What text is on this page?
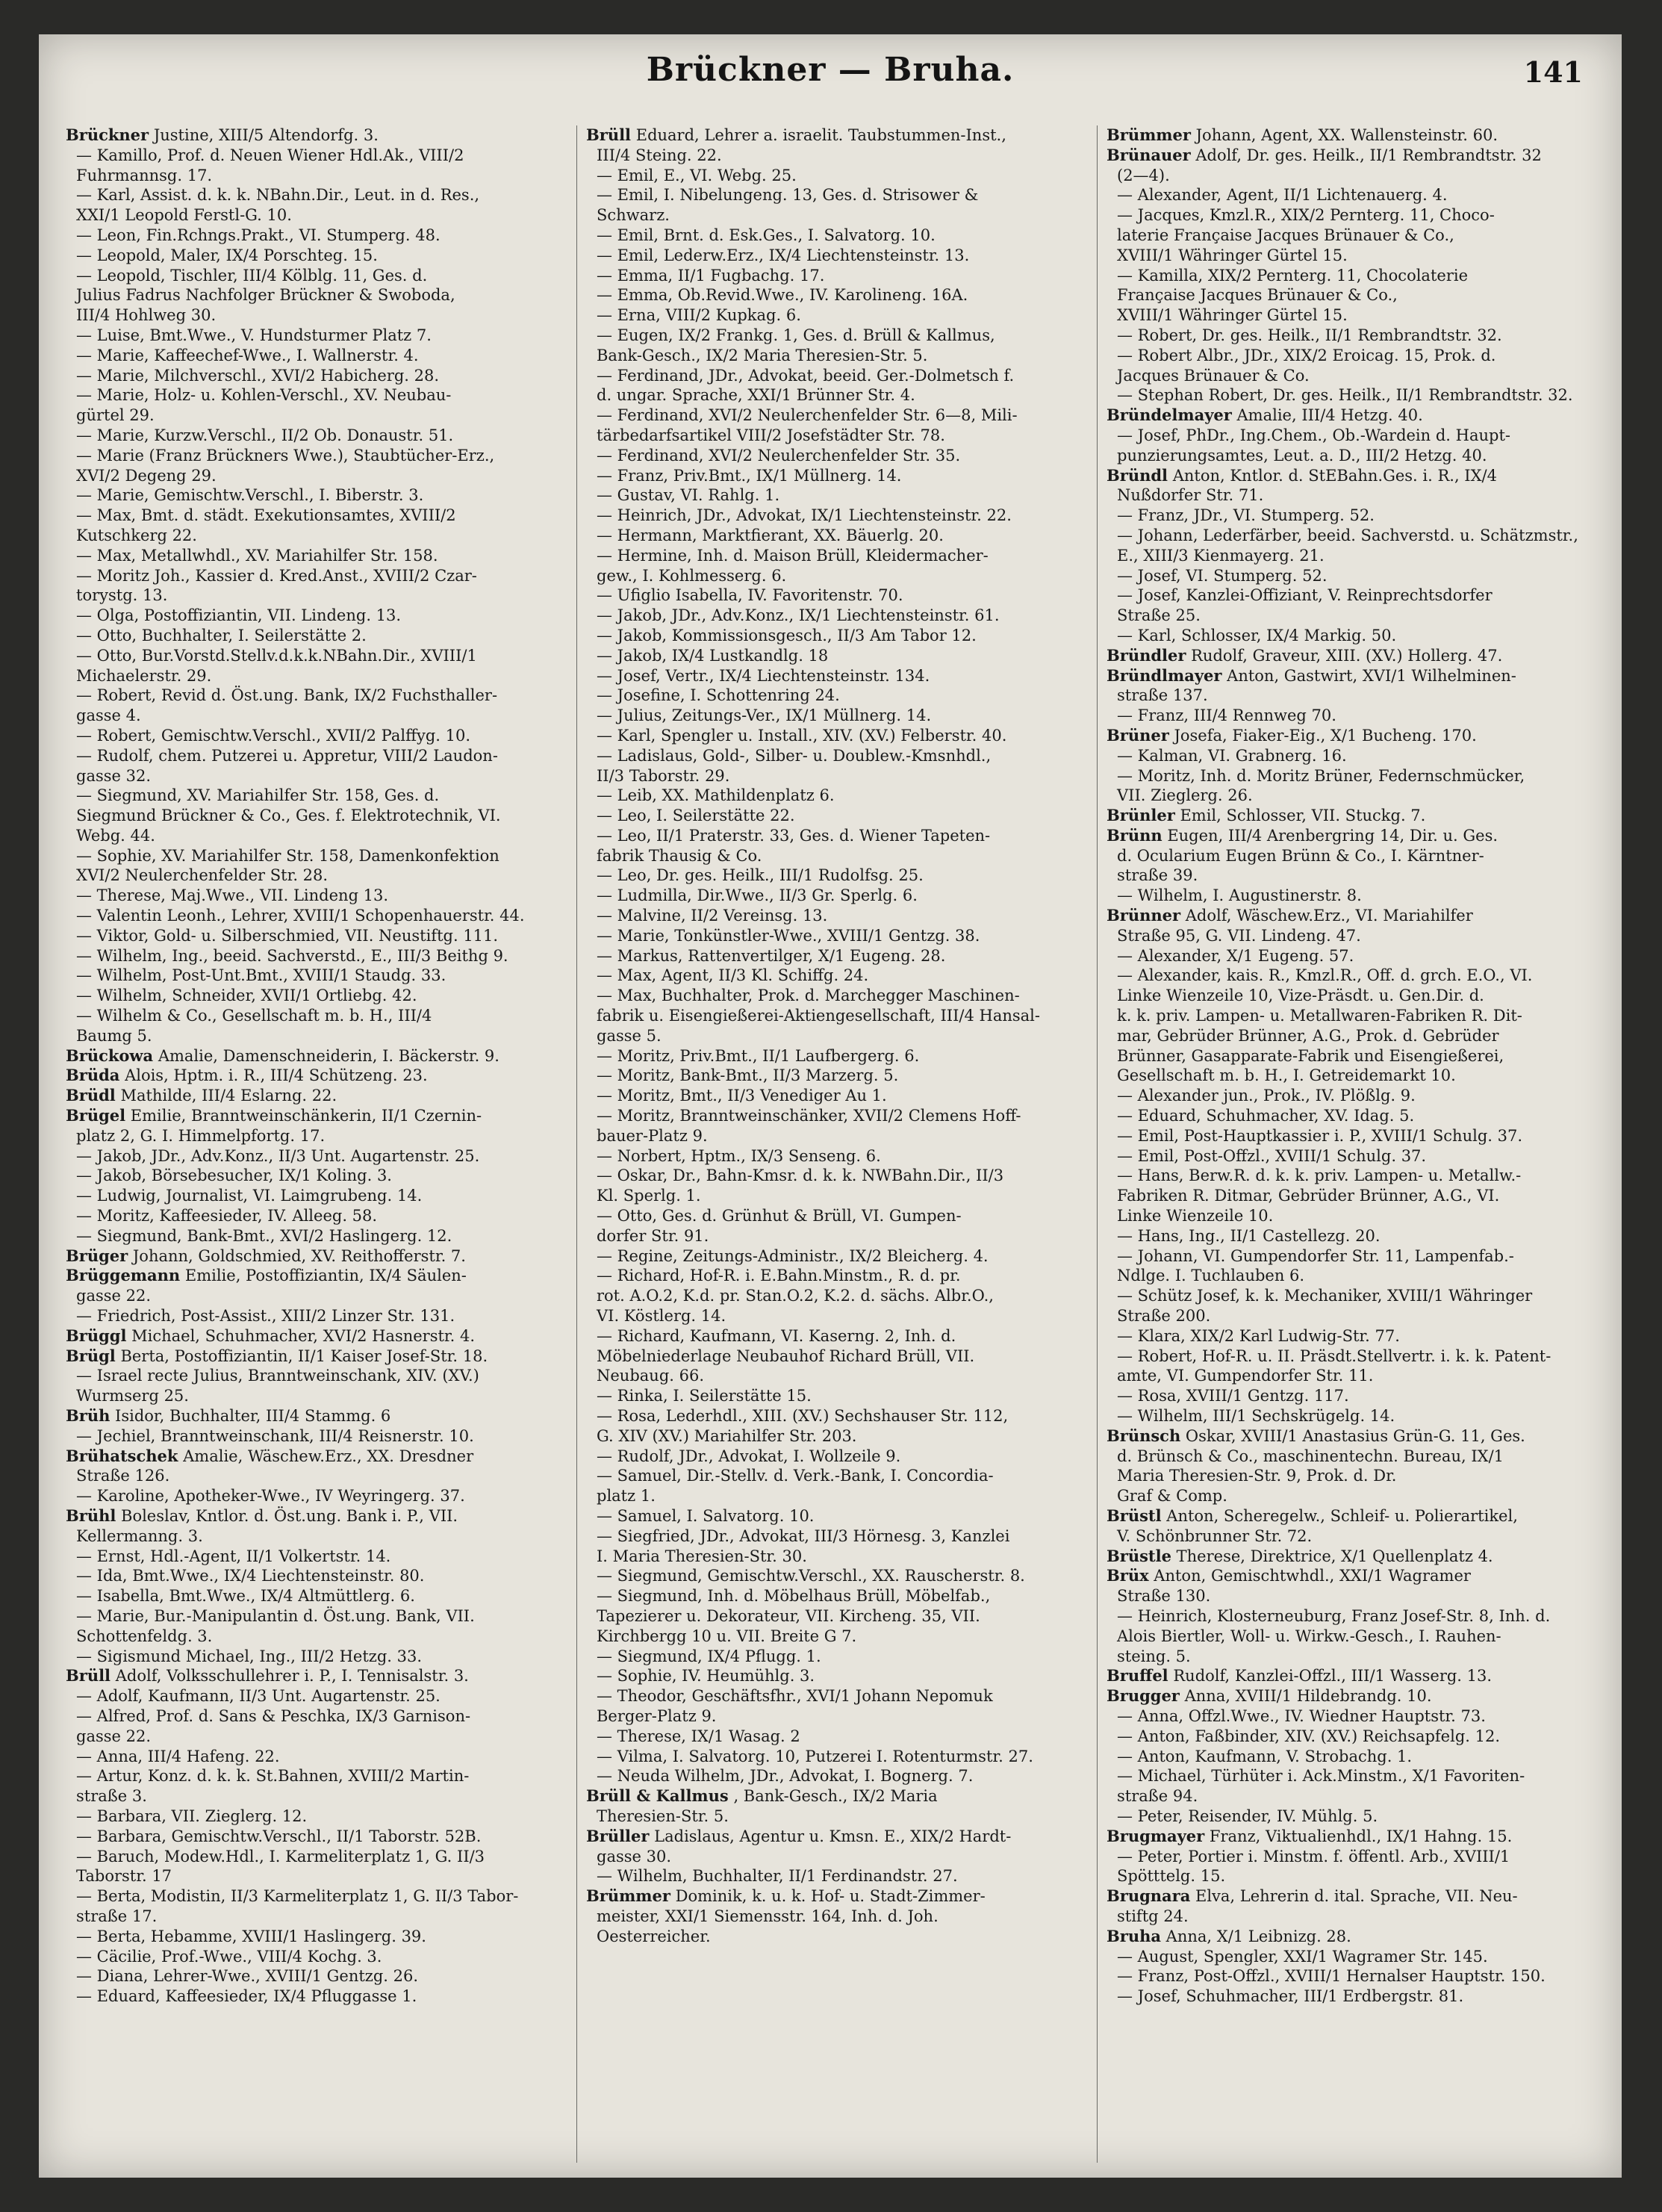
Brückner — Bruha.	141

Brückner Justine, XIII/5 Altendorfg. 3.

— Kamillo, Prof. d. Neuen Wiener Hdl.Ak., VIII/2

Fuhrmannsg. 17.

— Karl, Assist. d. k. k. NBahn.Dir., Leut. in d. Res.,

XXI/1 Leopold Ferstl-G. 10.

— Leon, Fin.Rchngs.Prakt., VI. Stumperg. 48.

— Leopold, Maler, IX/4 Porschteg. 15.

— Leopold, Tischler, III/4 Kölblg. 11, Ges. d.

Julius Fadrus Nachfolger Brückner & Swoboda,

III/4 Hohlweg 30.

— Luise, Bmt.Wwe., V. Hundsturmer Platz 7.

— Marie, Kaffeechef-Wwe., I. Wallnerstr. 4.

— Marie, Milchverschl., XVI/2 Habicherg. 28.

— Marie, Holz- u. Kohlen-Verschl., XV. Neubau-

gürtel 29.

— Marie, Kurzw.Verschl., II/2 Ob. Donaustr. 51.

— Marie (Franz Brückners Wwe.), Staubtücher-Erz.,

XVI/2 Degeng 29.

— Marie, Gemischtw.Verschl., I. Biberstr. 3.

— Max, Bmt. d. städt. Exekutionsamtes, XVIII/2

Kutschkerg 22.

— Max, Metallwhdl., XV. Mariahilfer Str. 158.

— Moritz Joh., Kassier d. Kred.Anst., XVIII/2 Czar-

torystg. 13.

— Olga, Postoffiziantin, VII. Lindeng. 13.

— Otto, Buchhalter, I. Seilerstätte 2.

— Otto, Bur.Vorstd.Stellv.d.k.k.NBahn.Dir., XVIII/1

Michaelerstr. 29.

— Robert, Revid d. Öst.ung. Bank, IX/2 Fuchsthaller-

gasse 4.

— Robert, Gemischtw.Verschl., XVII/2 Palffyg. 10.

— Rudolf, chem. Putzerei u. Appretur, VIII/2 Laudon-

gasse 32.

— Siegmund, XV. Mariahilfer Str. 158, Ges. d.

Siegmund Brückner & Co., Ges. f. Elektrotechnik, VI.

Webg. 44.

— Sophie, XV. Mariahilfer Str. 158, Damenkonfektion

XVI/2 Neulerchenfelder Str. 28.

— Therese, Maj.Wwe., VII. Lindeng 13.

— Valentin Leonh., Lehrer, XVIII/1 Schopenhauerstr. 44.

— Viktor, Gold- u. Silberschmied, VII. Neustiftg. 111.

— Wilhelm, Ing., beeid. Sachverstd., E., III/3 Beithg 9.

— Wilhelm, Post-Unt.Bmt., XVIII/1 Staudg. 33.

— Wilhelm, Schneider, XVII/1 Ortliebg. 42.

— Wilhelm & Co., Gesellschaft m. b. H., III/4

Baumg 5.

Brückowa Amalie, Damenschneiderin, I. Bäckerstr. 9.

Brüda Alois, Hptm. i. R., III/4 Schützeng. 23.

Brüdl Mathilde, III/4 Eslarng. 22.

Brügel Emilie, Branntweinschänkerin, II/1 Czernin-

platz 2, G. I. Himmelpfortg. 17.

— Jakob, JDr., Adv.Konz., II/3 Unt. Augartenstr. 25.

— Jakob, Börsebesucher, IX/1 Koling. 3.

— Ludwig, Journalist, VI. Laimgrubeng. 14.

— Moritz, Kaffeesieder, IV. Alleeg. 58.

— Siegmund, Bank-Bmt., XVI/2 Haslingerg. 12.

Brüger Johann, Goldschmied, XV. Reithofferstr. 7.

Brüggemann Emilie, Postoffiziantin, IX/4 Säulen-

gasse 22.

— Friedrich, Post-Assist., XIII/2 Linzer Str. 131.

Brüggl Michael, Schuhmacher, XVI/2 Hasnerstr. 4.

Brügl Berta, Postoffiziantin, II/1 Kaiser Josef-Str. 18.

— Israel recte Julius, Branntweinschank, XIV. (XV.)

Wurmserg 25.

Brüh Isidor, Buchhalter, III/4 Stammg. 6

— Jechiel, Branntweinschank, III/4 Reisnerstr. 10.

Brühatschek Amalie, Wäschew.Erz., XX. Dresdner

Straße 126.

— Karoline, Apotheker-Wwe., IV Weyringerg. 37.

Brühl Boleslav, Kntlor. d. Öst.ung. Bank i. P., VII.

Kellermanng. 3.

— Ernst, Hdl.-Agent, II/1 Volkertstr. 14.

— Ida, Bmt.Wwe., IX/4 Liechtensteinstr. 80.

— Isabella, Bmt.Wwe., IX/4 Altmüttlerg. 6.

— Marie, Bur.-Manipulantin d. Öst.ung. Bank, VII.

Schottenfeldg. 3.

— Sigismund Michael, Ing., III/2 Hetzg. 33.

Brüll Adolf, Volksschullehrer i. P., I. Tennisalstr. 3.

— Adolf, Kaufmann, II/3 Unt. Augartenstr. 25.

— Alfred, Prof. d. Sans & Peschka, IX/3 Garnison-

gasse 22.

— Anna, III/4 Hafeng. 22.

— Artur, Konz. d. k. k. St.Bahnen, XVIII/2 Martin-

straße 3.

— Barbara, VII. Zieglerg. 12.

— Barbara, Gemischtw.Verschl., II/1 Taborstr. 52B.

— Baruch, Modew.Hdl., I. Karmeliterplatz 1, G. II/3

Taborstr. 17

— Berta, Modistin, II/3 Karmeliterplatz 1, G. II/3 Tabor-

straße 17.

— Berta, Hebamme, XVIII/1 Haslingerg. 39.

— Cäcilie, Prof.-Wwe., VIII/4 Kochg. 3.

— Diana, Lehrer-Wwe., XVIII/1 Gentzg. 26.

— Eduard, Kaffeesieder, IX/4 Pfluggasse 1.

Brüll Eduard, Lehrer a. israelit. Taubstummen-Inst.,

III/4 Steing. 22.

— Emil, E., VI. Webg. 25.

— Emil, I. Nibelungeng. 13, Ges. d. Strisower &

Schwarz.

— Emil, Brnt. d. Esk.Ges., I. Salvatorg. 10.

— Emil, Lederw.Erz., IX/4 Liechtensteinstr. 13.

— Emma, II/1 Fugbachg. 17.

— Emma, Ob.Revid.Wwe., IV. Karolineng. 16A.

— Erna, VIII/2 Kupkag. 6.

— Eugen, IX/2 Frankg. 1, Ges. d. Brüll & Kallmus,

Bank-Gesch., IX/2 Maria Theresien-Str. 5.

— Ferdinand, JDr., Advokat, beeid. Ger.-Dolmetsch f.

d. ungar. Sprache, XXI/1 Brünner Str. 4.

— Ferdinand, XVI/2 Neulerchenfelder Str. 6—8, Mili-

tärbedarfsartikel VIII/2 Josefstädter Str. 78.

— Ferdinand, XVI/2 Neulerchenfelder Str. 35.

— Franz, Priv.Bmt., IX/1 Müllnerg. 14.

— Gustav, VI. Rahlg. 1.

— Heinrich, JDr., Advokat, IX/1 Liechtensteinstr. 22.

— Hermann, Marktfierant, XX. Bäuerlg. 20.

— Hermine, Inh. d. Maison Brüll, Kleidermacher-

gew., I. Kohlmesserg. 6.

— Ufiglio Isabella, IV. Favoritenstr. 70.

— Jakob, JDr., Adv.Konz., IX/1 Liechtensteinstr. 61.

— Jakob, Kommissionsgesch., II/3 Am Tabor 12.

— Jakob, IX/4 Lustkandlg. 18

— Josef, Vertr., IX/4 Liechtensteinstr. 134.

— Josefine, I. Schottenring 24.

— Julius, Zeitungs-Ver., IX/1 Müllnerg. 14.

— Karl, Spengler u. Install., XIV. (XV.) Felberstr. 40.

— Ladislaus, Gold-, Silber- u. Doublew.-Kmsnhdl.,

II/3 Taborstr. 29.

— Leib, XX. Mathildenplatz 6.

— Leo, I. Seilerstätte 22.

— Leo, II/1 Praterstr. 33, Ges. d. Wiener Tapeten-

fabrik Thausig & Co.

— Leo, Dr. ges. Heilk., III/1 Rudolfsg. 25.

— Ludmilla, Dir.Wwe., II/3 Gr. Sperlg. 6.

— Malvine, II/2 Vereinsg. 13.

— Marie, Tonkünstler-Wwe., XVIII/1 Gentzg. 38.

— Markus, Rattenvertilger, X/1 Eugeng. 28.

— Max, Agent, II/3 Kl. Schiffg. 24.

— Max, Buchhalter, Prok. d. Marchegger Maschinen-

fabrik u. Eisengießerei-Aktiengesellschaft, III/4 Hansal-

gasse 5.

— Moritz, Priv.Bmt., II/1 Laufbergerg. 6.

— Moritz, Bank-Bmt., II/3 Marzerg. 5.

— Moritz, Bmt., II/3 Venediger Au 1.

— Moritz, Branntweinschänker, XVII/2 Clemens Hoff-

bauer-Platz 9.

— Norbert, Hptm., IX/3 Senseng. 6.

— Oskar, Dr., Bahn-Kmsr. d. k. k. NWBahn.Dir., II/3

Kl. Sperlg. 1.

— Otto, Ges. d. Grünhut & Brüll, VI. Gumpen-

dorfer Str. 91.

— Regine, Zeitungs-Administr., IX/2 Bleicherg. 4.

— Richard, Hof-R. i. E.Bahn.Minstm., R. d. pr.

rot. A.O.2, K.d. pr. Stan.O.2, K.2. d. sächs. Albr.O.,

VI. Köstlerg. 14.

— Richard, Kaufmann, VI. Kaserng. 2, Inh. d.

Möbelniederlage Neubauhof Richard Brüll, VII.

Neubaug. 66.

— Rinka, I. Seilerstätte 15.

— Rosa, Lederhdl., XIII. (XV.) Sechshauser Str. 112,

G. XIV (XV.) Mariahilfer Str. 203.

— Rudolf, JDr., Advokat, I. Wollzeile 9.

— Samuel, Dir.-Stellv. d. Verk.-Bank, I. Concordia-

platz 1.

— Samuel, I. Salvatorg. 10.

— Siegfried, JDr., Advokat, III/3 Hörnesg. 3, Kanzlei

I. Maria Theresien-Str. 30.

— Siegmund, Gemischtw.Verschl., XX. Rauscherstr. 8.

— Siegmund, Inh. d. Möbelhaus Brüll, Möbelfab.,

Tapezierer u. Dekorateur, VII. Kircheng. 35, VII.

Kirchbergg 10 u. VII. Breite G 7.

— Siegmund, IX/4 Pflugg. 1.

— Sophie, IV. Heumühlg. 3.

— Theodor, Geschäftsfhr., XVI/1 Johann Nepomuk

Berger-Platz 9.

— Therese, IX/1 Wasag. 2

— Vilma, I. Salvatorg. 10, Putzerei I. Rotenturmstr. 27.

— Neuda Wilhelm, JDr., Advokat, I. Bognerg. 7.

Brüll & Kallmus , Bank-Gesch., IX/2 Maria

Theresien-Str. 5.

Brüller Ladislaus, Agentur u. Kmsn. E., XIX/2 Hardt-

gasse 30.

— Wilhelm, Buchhalter, II/1 Ferdinandstr. 27.

Brümmer Dominik, k. u. k. Hof- u. Stadt-Zimmer-

meister, XXI/1 Siemensstr. 164, Inh. d. Joh.

Oesterreicher.

Brümmer Johann, Agent, XX. Wallensteinstr. 60.

Brünauer Adolf, Dr. ges. Heilk., II/1 Rembrandtstr. 32

(2—4).

— Alexander, Agent, II/1 Lichtenauerg. 4.

— Jacques, Kmzl.R., XIX/2 Pernterg. 11, Choco-

laterie Française Jacques Brünauer & Co.,

XVIII/1 Währinger Gürtel 15.

— Kamilla, XIX/2 Pernterg. 11, Chocolaterie

Française Jacques Brünauer & Co.,

XVIII/1 Währinger Gürtel 15.

— Robert, Dr. ges. Heilk., II/1 Rembrandtstr. 32.

— Robert Albr., JDr., XIX/2 Eroicag. 15, Prok. d.

Jacques Brünauer & Co.

— Stephan Robert, Dr. ges. Heilk., II/1 Rembrandtstr. 32.

Bründelmayer Amalie, III/4 Hetzg. 40.

— Josef, PhDr., Ing.Chem., Ob.-Wardein d. Haupt-

punzierungsamtes, Leut. a. D., III/2 Hetzg. 40.

Bründl Anton, Kntlor. d. StEBahn.Ges. i. R., IX/4

Nußdorfer Str. 71.

— Franz, JDr., VI. Stumperg. 52.

— Johann, Lederfärber, beeid. Sachverstd. u. Schätzmstr.,

E., XIII/3 Kienmayerg. 21.

— Josef, VI. Stumperg. 52.

— Josef, Kanzlei-Offiziant, V. Reinprechtsdorfer

Straße 25.

— Karl, Schlosser, IX/4 Markig. 50.

Bründler Rudolf, Graveur, XIII. (XV.) Hollerg. 47.

Bründlmayer Anton, Gastwirt, XVI/1 Wilhelminen-

straße 137.

— Franz, III/4 Rennweg 70.

Brüner Josefa, Fiaker-Eig., X/1 Bucheng. 170.

— Kalman, VI. Grabnerg. 16.

— Moritz, Inh. d. Moritz Brüner, Federnschmücker,

VII. Zieglerg. 26.

Brünler Emil, Schlosser, VII. Stuckg. 7.

Brünn Eugen, III/4 Arenbergring 14, Dir. u. Ges.

d. Ocularium Eugen Brünn & Co., I. Kärntner-

straße 39.

— Wilhelm, I. Augustinerstr. 8.

Brünner Adolf, Wäschew.Erz., VI. Mariahilfer

Straße 95, G. VII. Lindeng. 47.

— Alexander, X/1 Eugeng. 57.

— Alexander, kais. R., Kmzl.R., Off. d. grch. E.O., VI.

Linke Wienzeile 10, Vize-Präsdt. u. Gen.Dir. d.

k. k. priv. Lampen- u. Metallwaren-Fabriken R. Dit-

mar, Gebrüder Brünner, A.G., Prok. d. Gebrüder

Brünner, Gasapparate-Fabrik und Eisengießerei,

Gesellschaft m. b. H., I. Getreidemarkt 10.

— Alexander jun., Prok., IV. Plößlg. 9.

— Eduard, Schuhmacher, XV. Idag. 5.

— Emil, Post-Hauptkassier i. P., XVIII/1 Schulg. 37.

— Emil, Post-Offzl., XVIII/1 Schulg. 37.

— Hans, Berw.R. d. k. k. priv. Lampen- u. Metallw.-

Fabriken R. Ditmar, Gebrüder Brünner, A.G., VI.

Linke Wienzeile 10.

— Hans, Ing., II/1 Castellezg. 20.

— Johann, VI. Gumpendorfer Str. 11, Lampenfab.-

Ndlge. I. Tuchlauben 6.

— Schütz Josef, k. k. Mechaniker, XVIII/1 Währinger

Straße 200.

— Klara, XIX/2 Karl Ludwig-Str. 77.

— Robert, Hof-R. u. II. Präsdt.Stellvertr. i. k. k. Patent-

amte, VI. Gumpendorfer Str. 11.

— Rosa, XVIII/1 Gentzg. 117.

— Wilhelm, III/1 Sechskrügelg. 14.

Brünsch Oskar, XVIII/1 Anastasius Grün-G. 11, Ges.

d. Brünsch & Co., maschinentechn. Bureau, IX/1

Maria Theresien-Str. 9, Prok. d. Dr.

Graf & Comp.

Brüstl Anton, Scheregelw., Schleif- u. Polierartikel,

V. Schönbrunner Str. 72.

Brüstle Therese, Direktrice, X/1 Quellenplatz 4.

Brüx Anton, Gemischtwhdl., XXI/1 Wagramer

Straße 130.

— Heinrich, Klosterneuburg, Franz Josef-Str. 8, Inh. d.

Alois Biertler, Woll- u. Wirkw.-Gesch., I. Rauhen-

steing. 5.

Bruffel Rudolf, Kanzlei-Offzl., III/1 Wasserg. 13.

Brugger Anna, XVIII/1 Hildebrandg. 10.

— Anna, Offzl.Wwe., IV. Wiedner Hauptstr. 73.

— Anton, Faßbinder, XIV. (XV.) Reichsapfelg. 12.

— Anton, Kaufmann, V. Strobachg. 1.

— Michael, Türhüter i. Ack.Minstm., X/1 Favoriten-

straße 94.

— Peter, Reisender, IV. Mühlg. 5.

Brugmayer Franz, Viktualienhdl., IX/1 Hahng. 15.

— Peter, Portier i. Minstm. f. öffentl. Arb., XVIII/1

Spötttelg. 15.

Brugnara Elva, Lehrerin d. ital. Sprache, VII. Neu-

stiftg 24.

Bruha Anna, X/1 Leibnizg. 28.

— August, Spengler, XXI/1 Wagramer Str. 145.

— Franz, Post-Offzl., XVIII/1 Hernalser Hauptstr. 150.

— Josef, Schuhmacher, III/1 Erdbergstr. 81.
